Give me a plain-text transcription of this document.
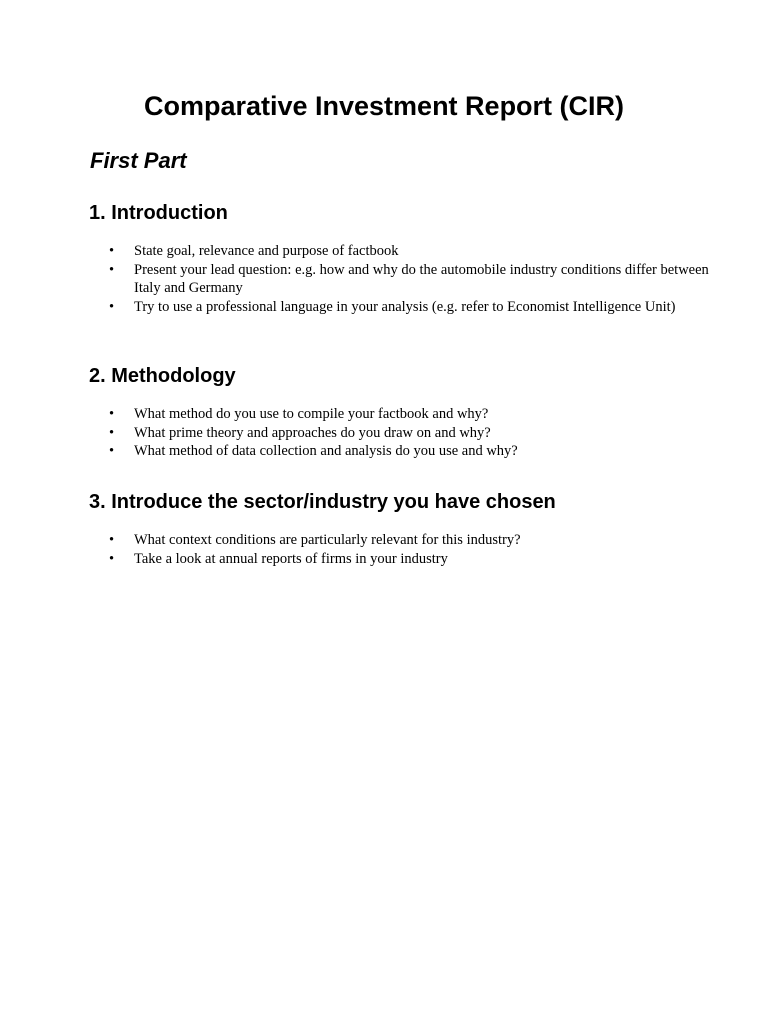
Comparative Investment Report (CIR)
First Part
1. Introduction
• State goal, relevance and purpose of factbook
• Present your lead question: e.g. how and why do the automobile industry conditions differ between Italy and Germany
• Try to use a professional language in your analysis (e.g. refer to Economist Intelligence Unit)
2. Methodology
• What method do you use to compile your factbook and why?
• What prime theory and approaches do you draw on and why?
• What method of data collection and analysis do you use and why?
3. Introduce the sector/industry you have chosen
• What context conditions are particularly relevant for this industry?
• Take a look at annual reports of firms in your industry
